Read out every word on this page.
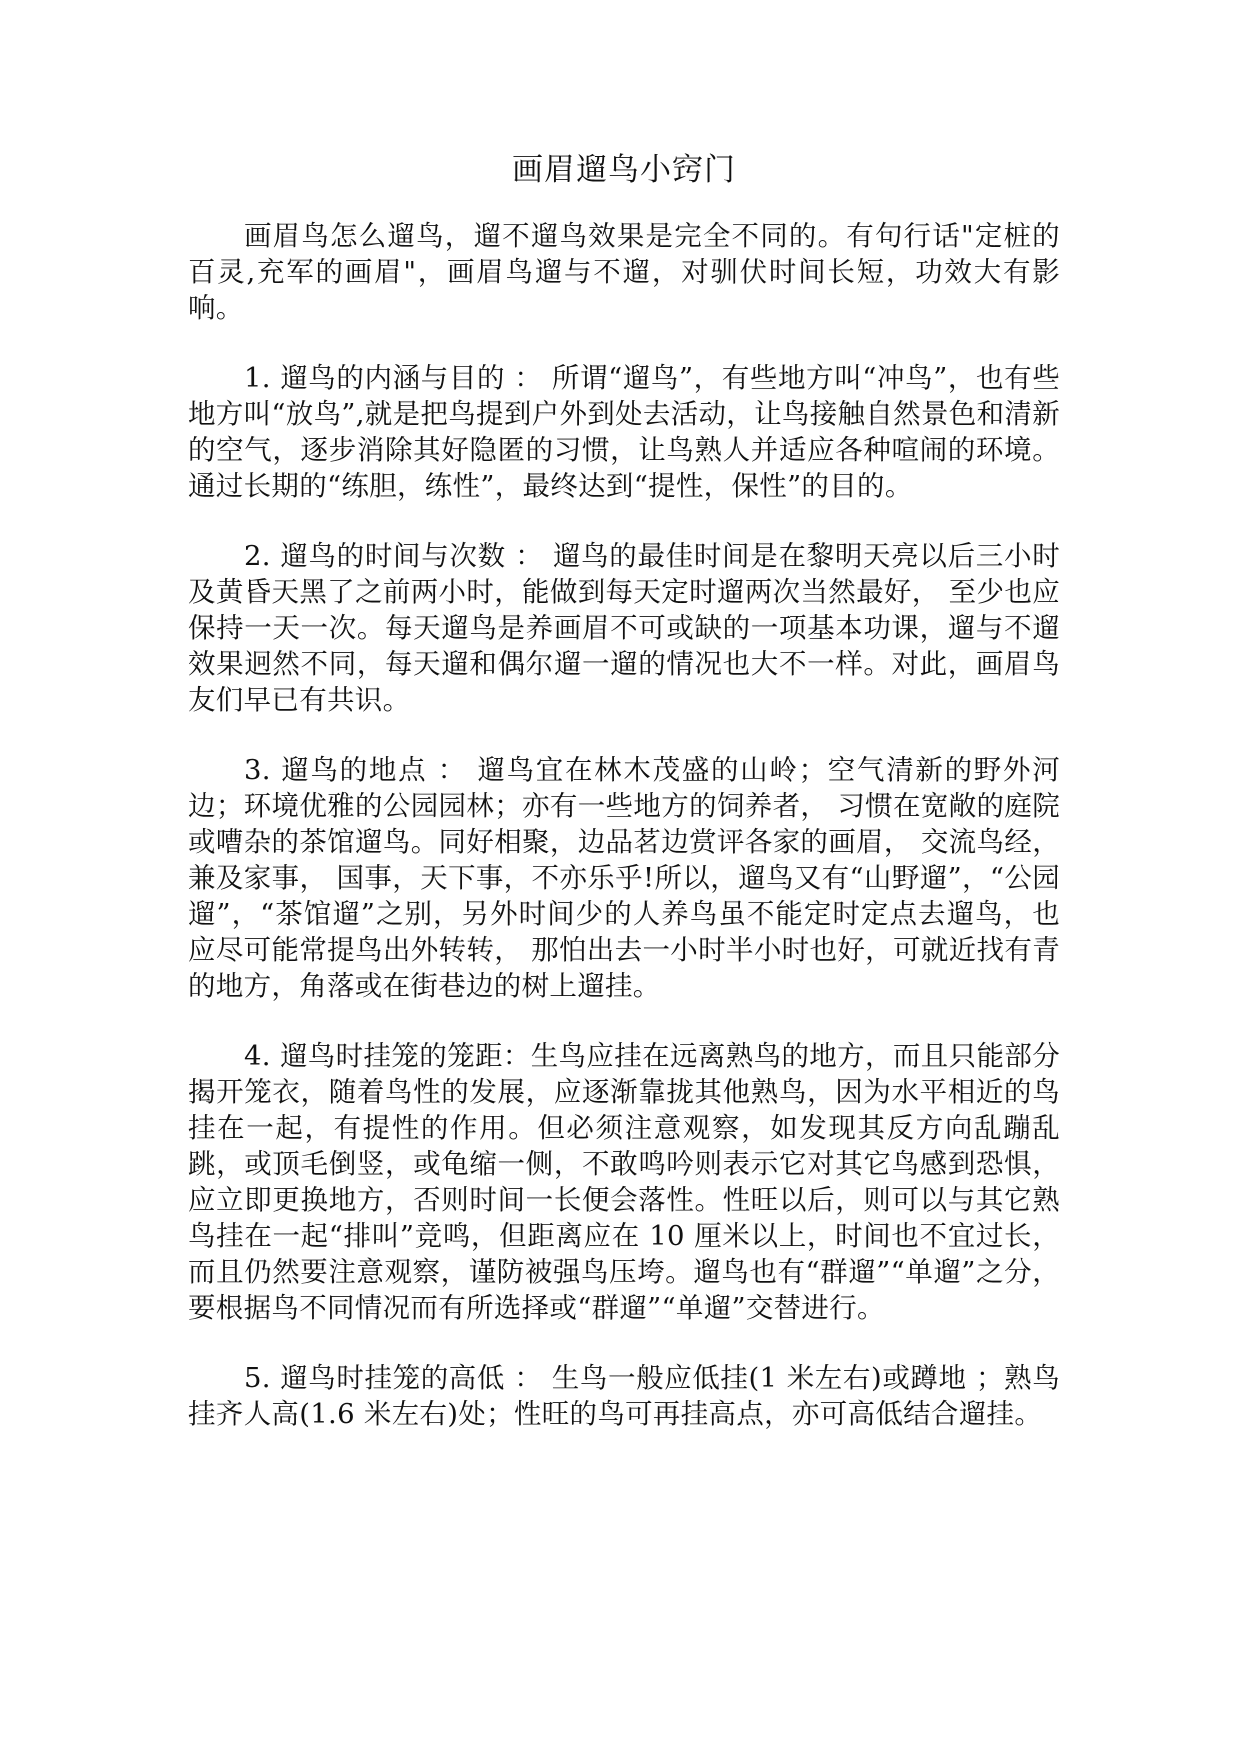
画眉遛鸟小窍门

画眉鸟怎么遛鸟，遛不遛鸟效果是完全不同的。有句行话"定桩的百灵,充军的画眉"，画眉鸟遛与不遛，对驯伏时间长短，功效大有影响。

1. 遛鸟的内涵与目的 ： 所谓“遛鸟”，有些地方叫“冲鸟”，也有些地方叫“放鸟”,就是把鸟提到户外到处去活动，让鸟接触自然景色和清新的空气，逐步消除其好隐匿的习惯，让鸟熟人并适应各种喧闹的环境。通过长期的“练胆，练性”，最终达到“提性，保性”的目的。

2. 遛鸟的时间与次数 ： 遛鸟的最佳时间是在黎明天亮以后三小时及黄昏天黑了之前两小时，能做到每天定时遛两次当然最好， 至少也应保持一天一次。每天遛鸟是养画眉不可或缺的一项基本功课，遛与不遛效果迥然不同，每天遛和偶尔遛一遛的情况也大不一样。对此，画眉鸟友们早已有共识。

3. 遛鸟的地点 ： 遛鸟宜在林木茂盛的山岭；空气清新的野外河边；环境优雅的公园园林；亦有一些地方的饲养者， 习惯在宽敞的庭院或嘈杂的茶馆遛鸟。同好相聚，边品茗边赏评各家的画眉， 交流鸟经，兼及家事， 国事，天下事，不亦乐乎!所以，遛鸟又有“山野遛”，“公园遛”，“茶馆遛”之别，另外时间少的人养鸟虽不能定时定点去遛鸟，也应尽可能常提鸟出外转转， 那怕出去一小时半小时也好，可就近找有青的地方，角落或在街巷边的树上遛挂。

4. 遛鸟时挂笼的笼距：生鸟应挂在远离熟鸟的地方，而且只能部分揭开笼衣，随着鸟性的发展，应逐渐靠拢其他熟鸟，因为水平相近的鸟挂在一起，有提性的作用。但必须注意观察，如发现其反方向乱蹦乱跳，或顶毛倒竖，或龟缩一侧，不敢鸣吟则表示它对其它鸟感到恐惧，应立即更换地方，否则时间一长便会落性。性旺以后，则可以与其它熟鸟挂在一起“排叫”竞鸣，但距离应在 10 厘米以上，时间也不宜过长，而且仍然要注意观察，谨防被强鸟压垮。遛鸟也有“群遛”“单遛”之分， 要根据鸟不同情况而有所选择或“群遛”“单遛”交替进行。

5. 遛鸟时挂笼的高低 ： 生鸟一般应低挂(1 米左右)或蹲地 ；熟鸟挂齐人高(1.6 米左右)处；性旺的鸟可再挂高点，亦可高低结合遛挂。
